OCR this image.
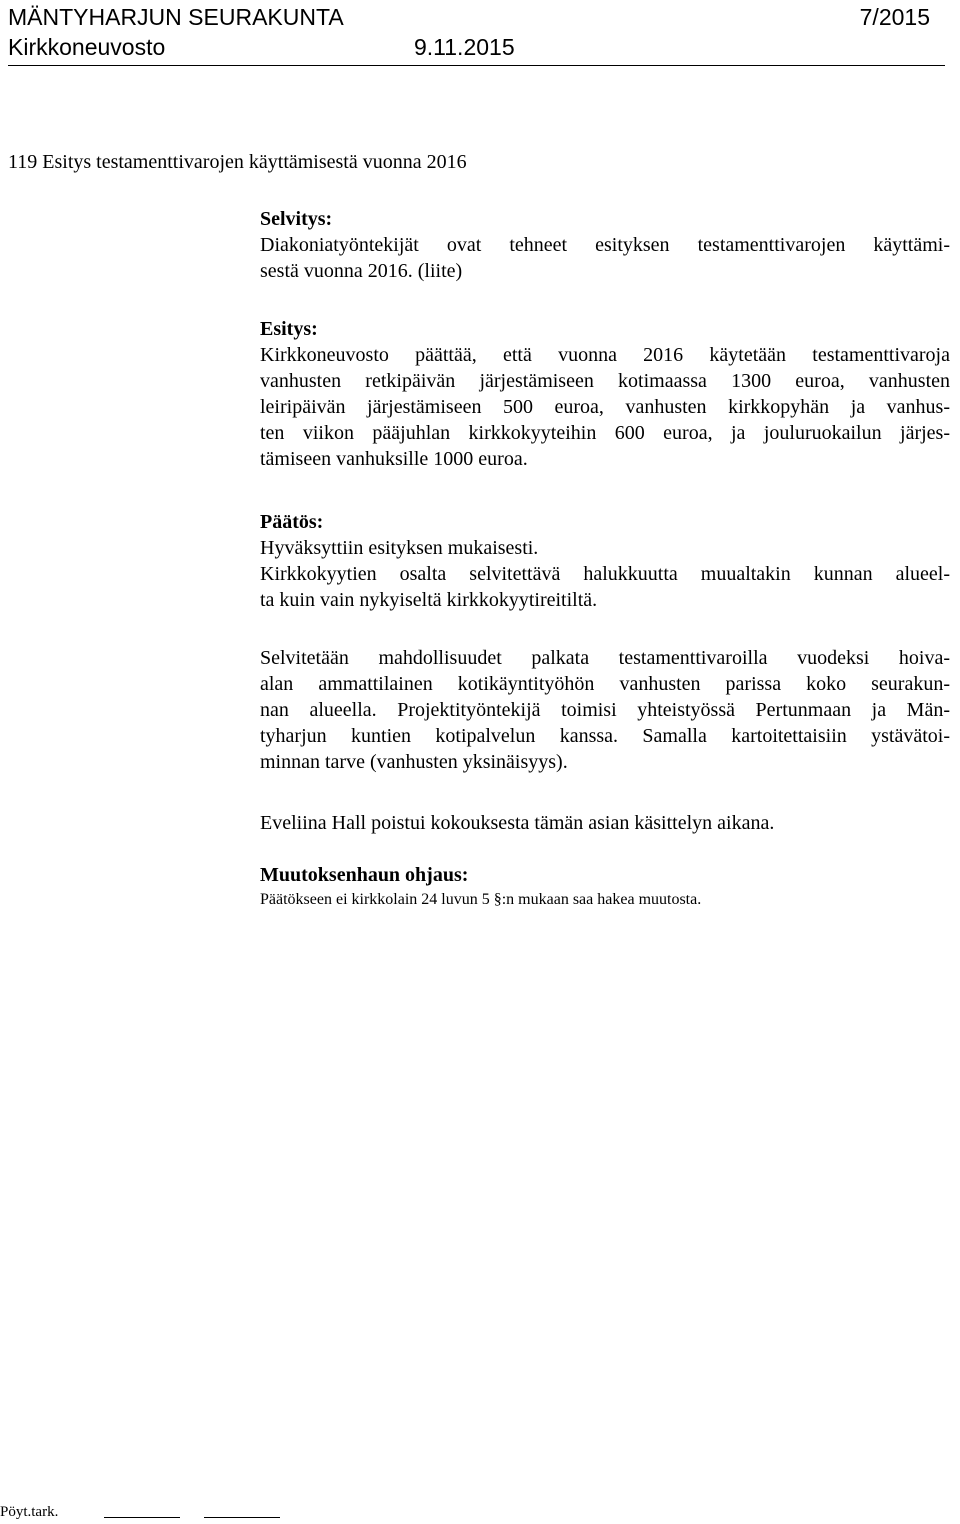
MÄNTYHARJUN SEURAKUNTA	7/2015
Kirkkoneuvosto	9.11.2015
119 Esitys testamenttivarojen käyttämisestä vuonna 2016
Selvitys:
Diakoniatyöntekijät ovat tehneet esityksen testamenttivarojen käyttämi-
sestä vuonna 2016. (liite)
Esitys:
Kirkkoneuvosto päättää, että vuonna 2016 käytetään testamenttivaroja
vanhusten retkipäivän järjestämiseen kotimaassa 1300 euroa, vanhusten
leiripäivän järjestämiseen 500 euroa, vanhusten kirkkopyhän ja vanhus-
ten viikon pääjuhlan kirkkokyyteihin 600 euroa, ja jouluruokailun järjes-
tämiseen vanhuksille 1000 euroa.
Päätös:
Hyväksyttiin esityksen mukaisesti.
Kirkkokyytien osalta selvitettävä halukkuutta muualtakin kunnan alueel-
ta kuin vain nykyiseltä kirkkokyytireitiltä.
Selvitetään mahdollisuudet palkata testamenttivaroilla vuodeksi hoiva-
alan ammattilainen kotikäyntityöhön vanhusten parissa koko seurakun-
nan alueella. Projektityöntekijä toimisi yhteistyössä Pertunmaan ja Män-
tyharjun kuntien kotipalvelun kanssa. Samalla kartoitettaisiin ystävätoi-
minnan tarve (vanhusten yksinäisyys).
Eveliina Hall poistui kokouksesta tämän asian käsittelyn aikana.
Muutoksenhaun ohjaus:
Päätökseen ei kirkkolain 24 luvun 5 §:n mukaan saa hakea muutosta.
Pöyt.tark.
